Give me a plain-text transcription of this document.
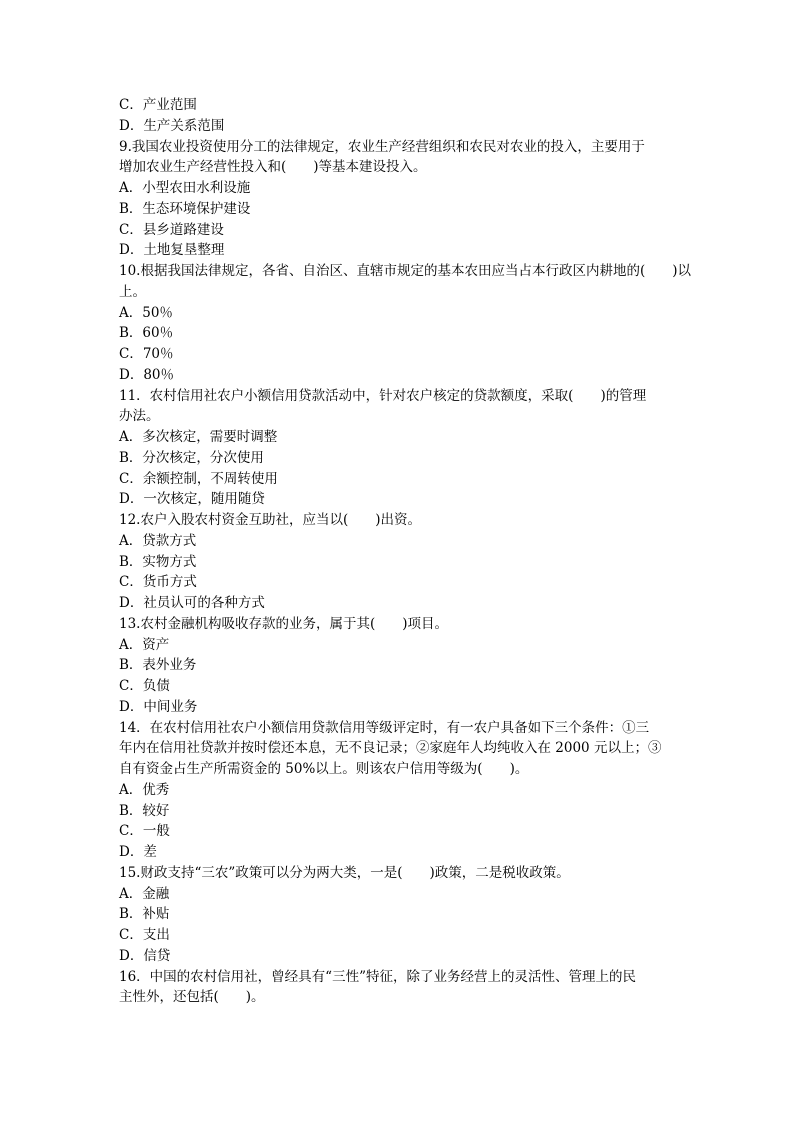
C．产业范围
D．生产关系范围
9.我国农业投资使用分工的法律规定，农业生产经营组织和农民对农业的投入，主要用于
增加农业生产经营性投入和(　　)等基本建设投入。
A．小型农田水利设施
B．生态环境保护建设
C．县乡道路建设
D．土地复垦整理
10.根据我国法律规定，各省、自治区、直辖市规定的基本农田应当占本行政区内耕地的(　　)以
上。
A．50％
B．60％
C．70％
D．80％
11．农村信用社农户小额信用贷款活动中，针对农户核定的贷款额度，采取(　　)的管理
办法。
A．多次核定，需要时调整
B．分次核定，分次使用
C．余额控制，不周转使用
D．一次核定，随用随贷
12.农户入股农村资金互助社，应当以(　　)出资。
A．贷款方式
B．实物方式
C．货币方式
D．社员认可的各种方式
13.农村金融机构吸收存款的业务，属于其(　　)项目。
A．资产
B．表外业务
C．负债
D．中间业务
14．在农村信用社农户小额信用贷款信用等级评定时，有一农户具备如下三个条件：①三
年内在信用社贷款并按时偿还本息，无不良记录；②家庭年人均纯收入在 2000 元以上；③
自有资金占生产所需资金的 50%以上。则该农户信用等级为(　　)。
A．优秀
B．较好
C．一般
D．差
15.财政支持“三农”政策可以分为两大类，一是(　　)政策，二是税收政策。
A．金融
B．补贴
C．支出
D．信贷
16．中国的农村信用社，曾经具有“三性”特征，除了业务经营上的灵活性、管理上的民
主性外，还包括(　　)。
